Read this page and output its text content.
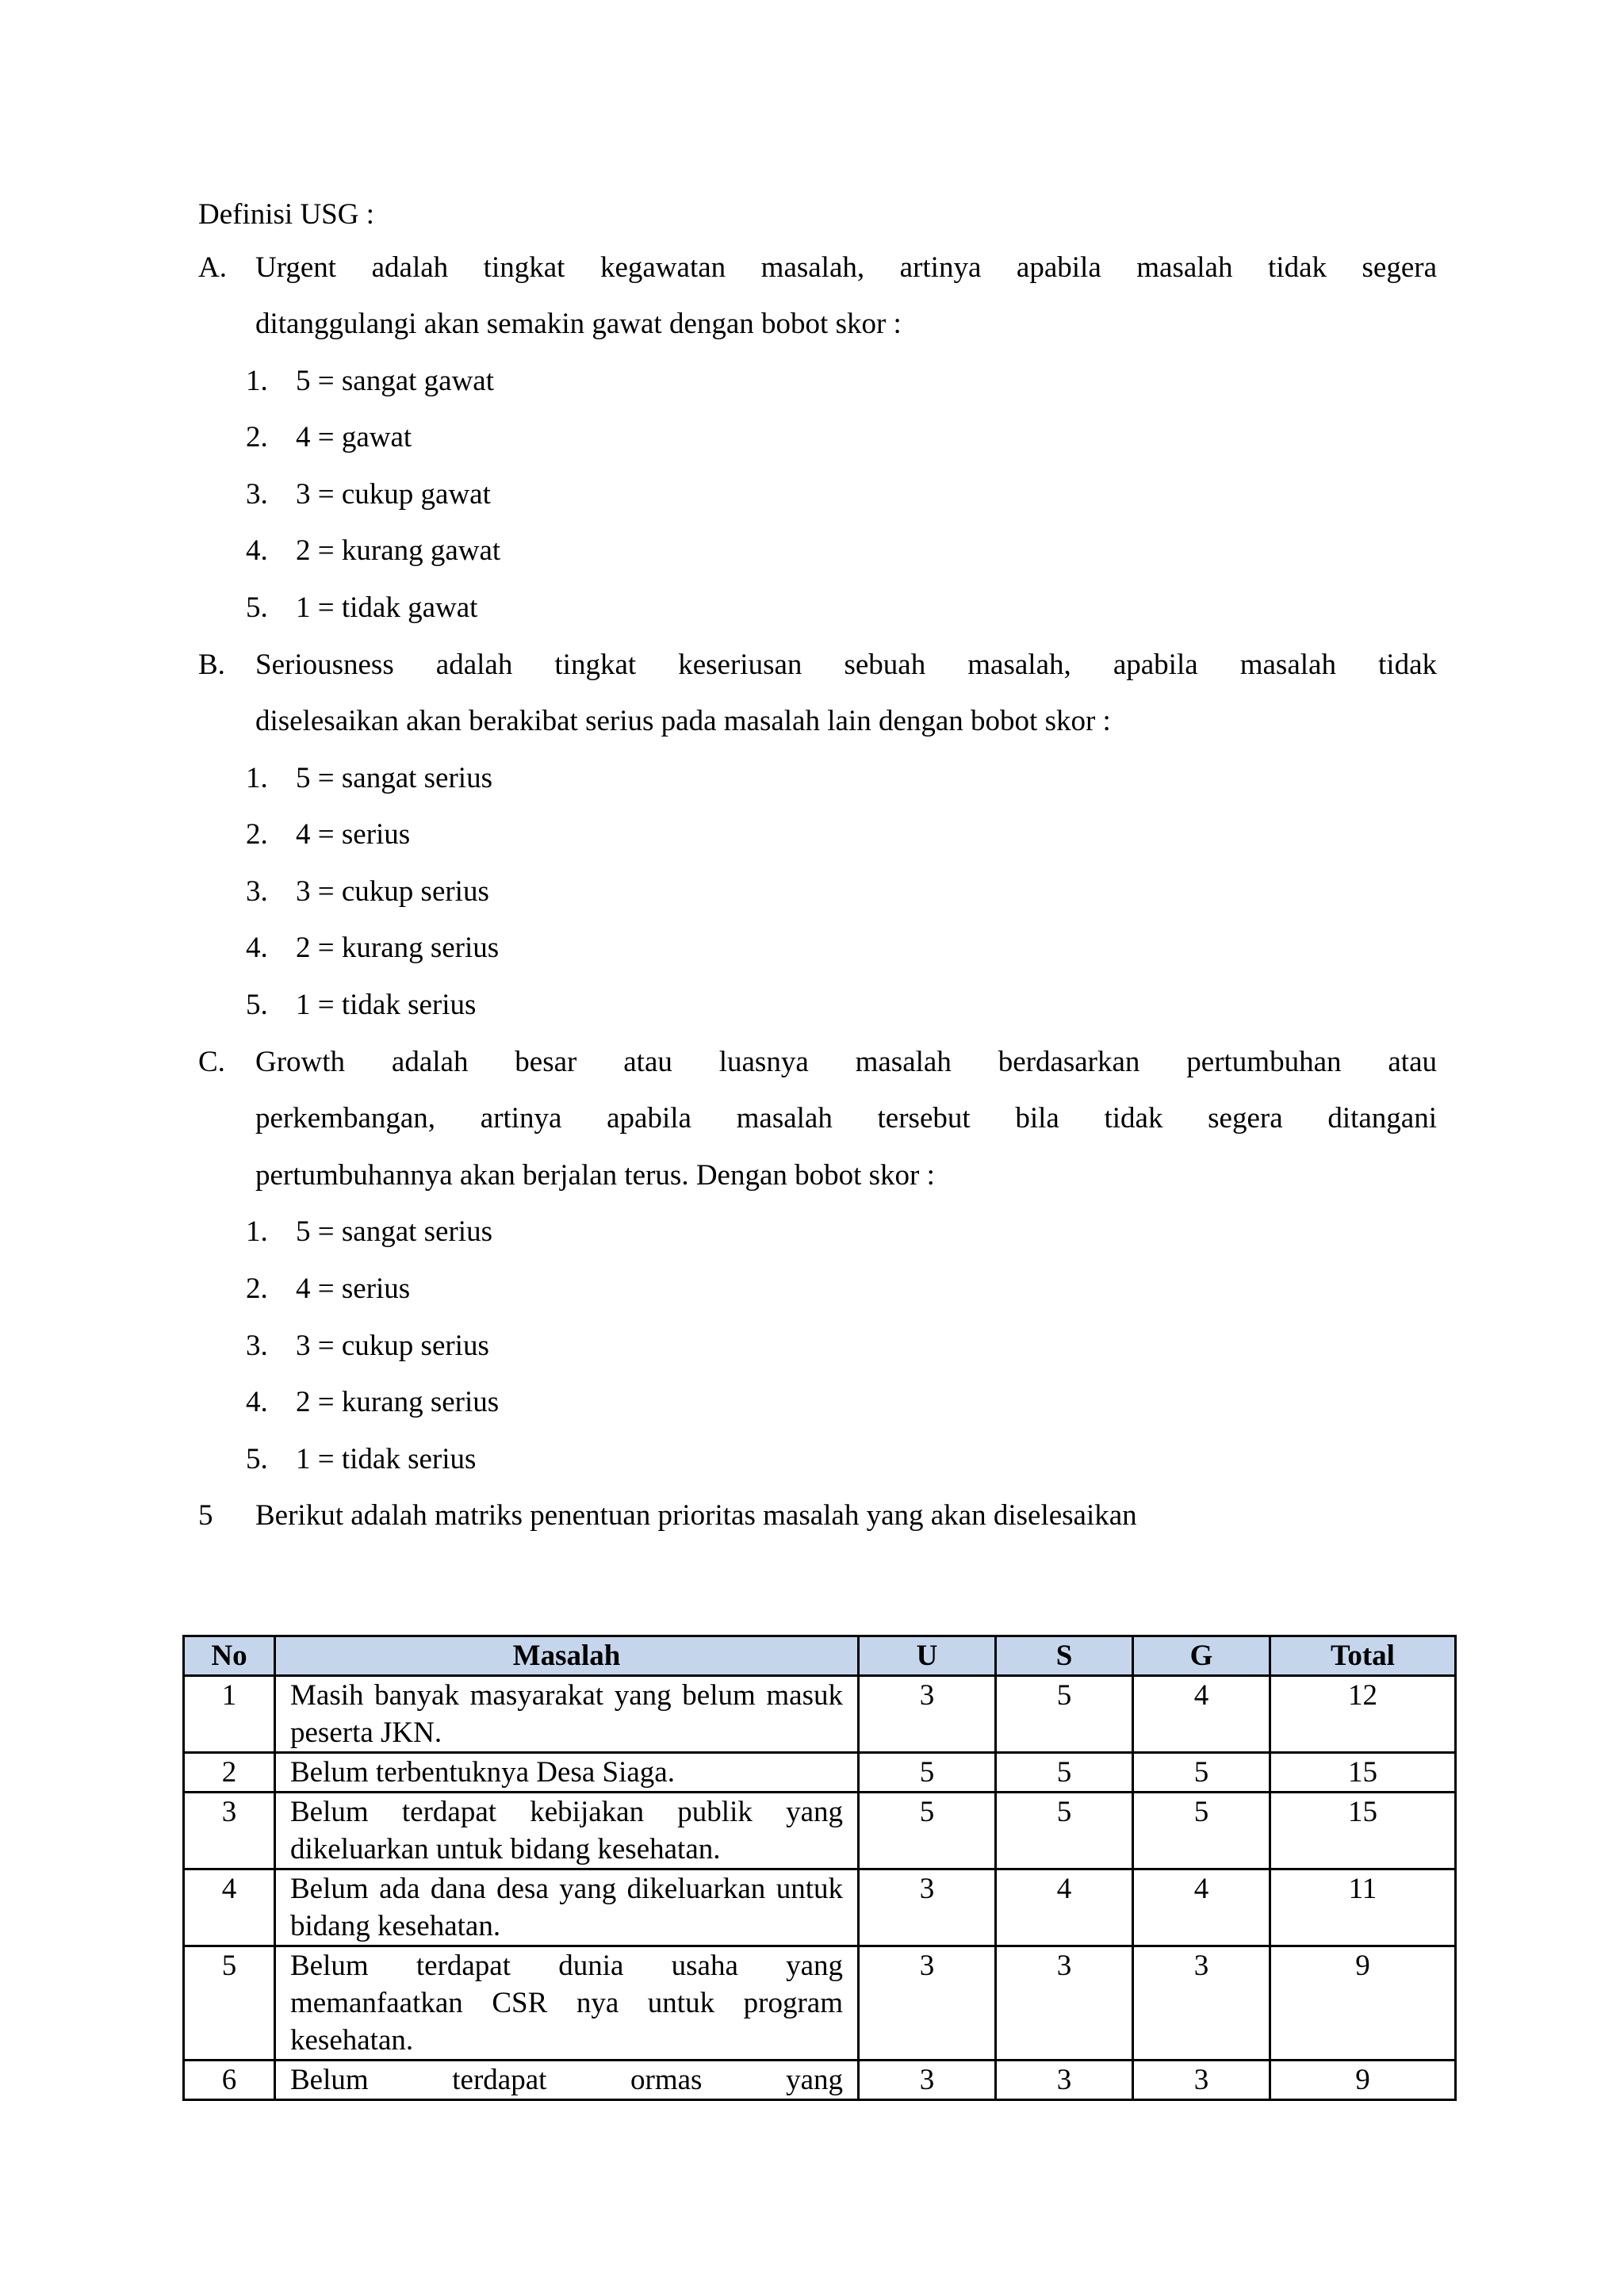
Definisi USG :
A. Urgent adalah tingkat kegawatan masalah, artinya apabila masalah tidak segera
ditanggulangi akan semakin gawat dengan bobot skor :
1. 5 = sangat gawat
2. 4 = gawat
3. 3 = cukup gawat
4. 2 = kurang gawat
5. 1 = tidak gawat
B. Seriousness adalah tingkat keseriusan sebuah masalah, apabila masalah tidak
diselesaikan akan berakibat serius pada masalah lain dengan bobot skor :
1. 5 = sangat serius
2. 4 = serius
3. 3 = cukup serius
4. 2 = kurang serius
5. 1 = tidak serius
C. Growth adalah besar atau luasnya masalah berdasarkan pertumbuhan atau
perkembangan, artinya apabila masalah tersebut bila tidak segera ditangani
pertumbuhannya akan berjalan terus. Dengan bobot skor :
1. 5 = sangat serius
2. 4 = serius
3. 3 = cukup serius
4. 2 = kurang serius
5. 1 = tidak serius
5 Berikut adalah matriks penentuan prioritas masalah yang akan diselesaikan
No	Masalah	U	S	G	Total
1	Masih banyak masyarakat yang belum masuk peserta JKN.	3	5	4	12
2	Belum terbentuknya Desa Siaga.	5	5	5	15
3	Belum terdapat kebijakan publik yang dikeluarkan untuk bidang kesehatan.	5	5	5	15
4	Belum ada dana desa yang dikeluarkan untuk bidang kesehatan.	3	4	4	11
5	Belum terdapat dunia usaha yang memanfaatkan CSR nya untuk program kesehatan.	3	3	3	9
6	Belum terdapat ormas yang	3	3	3	9
